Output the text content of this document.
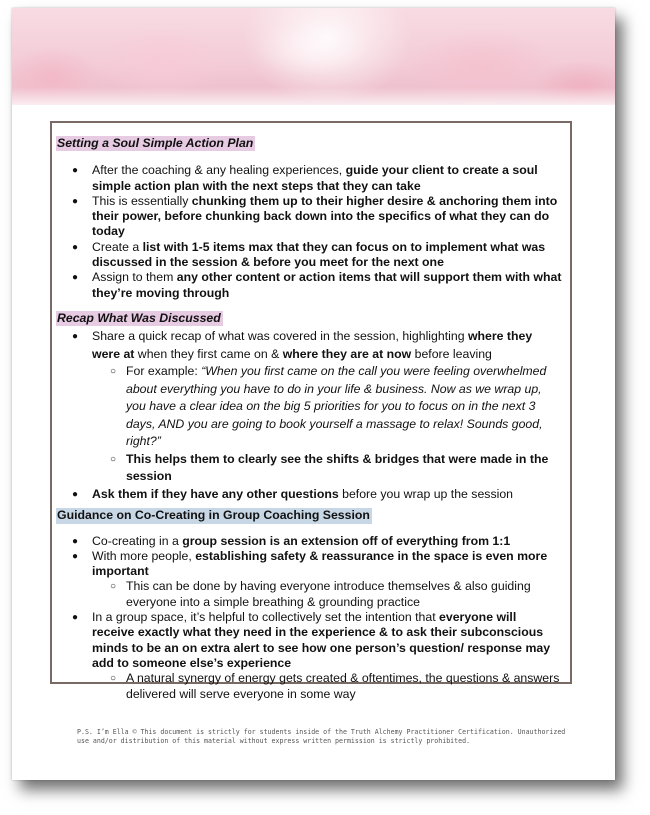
Setting a Soul Simple Action Plan
● After the coaching & any healing experiences, guide your client to create a soul simple action plan with the next steps that they can take
● This is essentially chunking them up to their higher desire & anchoring them into their power, before chunking back down into the specifics of what they can do today
● Create a list with 1-5 items max that they can focus on to implement what was discussed in the session & before you meet for the next one
● Assign to them any other content or action items that will support them with what they’re moving through
Recap What Was Discussed
● Share a quick recap of what was covered in the session, highlighting where they were at when they first came on & where they are at now before leaving
○ For example: “When you first came on the call you were feeling overwhelmed about everything you have to do in your life & business. Now as we wrap up, you have a clear idea on the big 5 priorities for you to focus on in the next 3 days, AND you are going to book yourself a massage to relax! Sounds good, right?”
○ This helps them to clearly see the shifts & bridges that were made in the session
● Ask them if they have any other questions before you wrap up the session
Guidance on Co-Creating in Group Coaching Session
● Co-creating in a group session is an extension off of everything from 1:1
● With more people, establishing safety & reassurance in the space is even more important
○ This can be done by having everyone introduce themselves & also guiding everyone into a simple breathing & grounding practice
● In a group space, it’s helpful to collectively set the intention that everyone will receive exactly what they need in the experience & to ask their subconscious minds to be an on extra alert to see how one person’s question/ response may add to someone else’s experience
○ A natural synergy of energy gets created & oftentimes, the questions & answers delivered will serve everyone in some way
P.S. I’m Ella © This document is strictly for students inside of the Truth Alchemy Practitioner Certification. Unauthorized use and/or distribution of this material without express written permission is strictly prohibited.
